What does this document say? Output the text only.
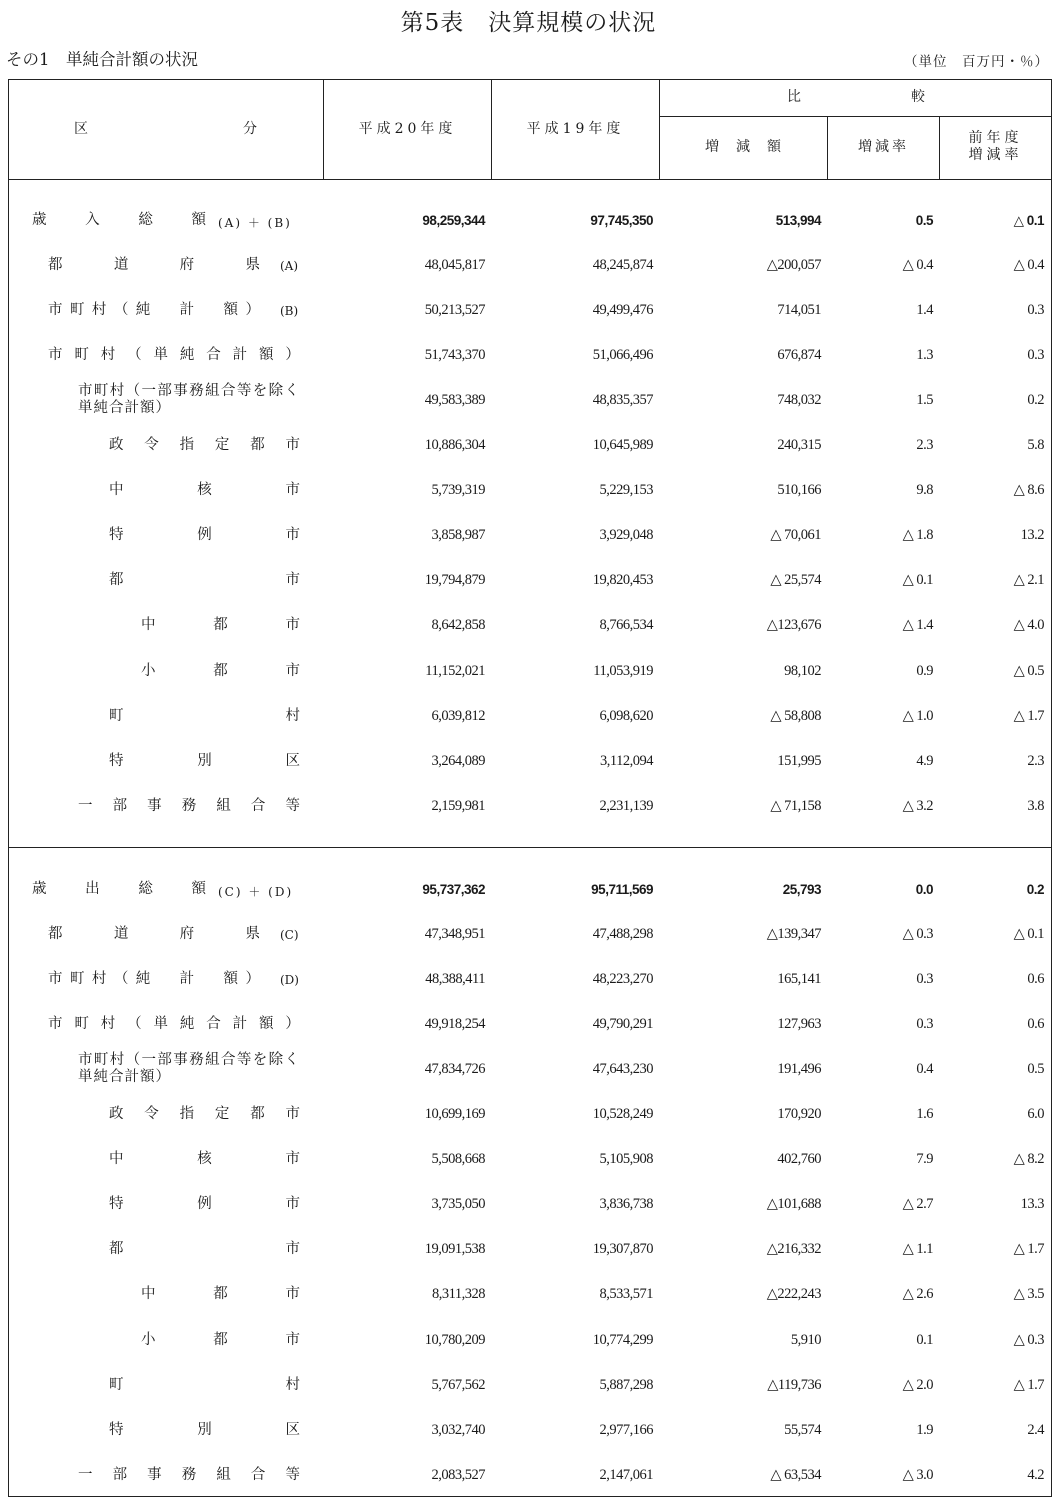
第5表　決算規模の状況
その1　単純合計額の状況	（単位　百万円・％）
区	分	平成20年度	平成19年度
比	較
増 減 額	増減率
前年度
増減率
歳	入	総	額 (A) ＋ (B)	98,259,344	97,745,350	513,994	0.5	△ 0.1
都	道	府	県 (A)	48,045,817	48,245,874	△200,057	△ 0.4	△ 0.4
市 町 村 （ 純
　 計
　 額 ） (B)	50,213,527	49,499,476	714,051	1.4	0.3
市 町 村 （ 単 純 合 計 額 ）	51,743,370	51,066,496	676,874	1.3	0.3
市町村（一部事務組合等を除く単純合計額）	49,583,389	48,835,357	748,032	1.5	0.2
政 令 指 定 都 市	10,886,304	10,645,989	240,315	2.3	5.8
中	核	市	5,739,319	5,229,153	510,166	9.8	△ 8.6
特	例	市	3,858,987	3,929,048	△ 70,061	△ 1.8	13.2
都	市	19,794,879	19,820,453	△ 25,574	△ 0.1	△ 2.1
中	都	市	8,642,858	8,766,534	△123,676	△ 1.4	△ 4.0
小	都	市	11,152,021	11,053,919	98,102	0.9	△ 0.5
町	村	6,039,812	6,098,620	△ 58,808	△ 1.0	△ 1.7
特	別	区	3,264,089	3,112,094	151,995	4.9	2.3
一 部 事 務 組 合 等	2,159,981	2,231,139	△ 71,158	△ 3.2	3.8
歳	出	総	額 (C) ＋ (D)	95,737,362	95,711,569	25,793	0.0	0.2
都	道	府	県 (C)	47,348,951	47,488,298	△139,347	△ 0.3	△ 0.1
市 町 村 （ 純
　 計
　 額 ） (D)	48,388,411	48,223,270	165,141	0.3	0.6
市 町 村 （ 単 純 合 計 額 ）	49,918,254	49,790,291	127,963	0.3	0.6
市町村（一部事務組合等を除く単純合計額）	47,834,726	47,643,230	191,496	0.4	0.5
政 令 指 定 都 市	10,699,169	10,528,249	170,920	1.6	6.0
中	核	市	5,508,668	5,105,908	402,760	7.9	△ 8.2
特	例	市	3,735,050	3,836,738	△101,688	△ 2.7	13.3
都	市	19,091,538	19,307,870	△216,332	△ 1.1	△ 1.7
中	都	市	8,311,328	8,533,571	△222,243	△ 2.6	△ 3.5
小	都	市	10,780,209	10,774,299	5,910	0.1	△ 0.3
町	村	5,767,562	5,887,298	△119,736	△ 2.0	△ 1.7
特	別	区	3,032,740	2,977,166	55,574	1.9	2.4
一 部 事 務 組 合 等	2,083,527	2,147,061	△ 63,534	△ 3.0	4.2
